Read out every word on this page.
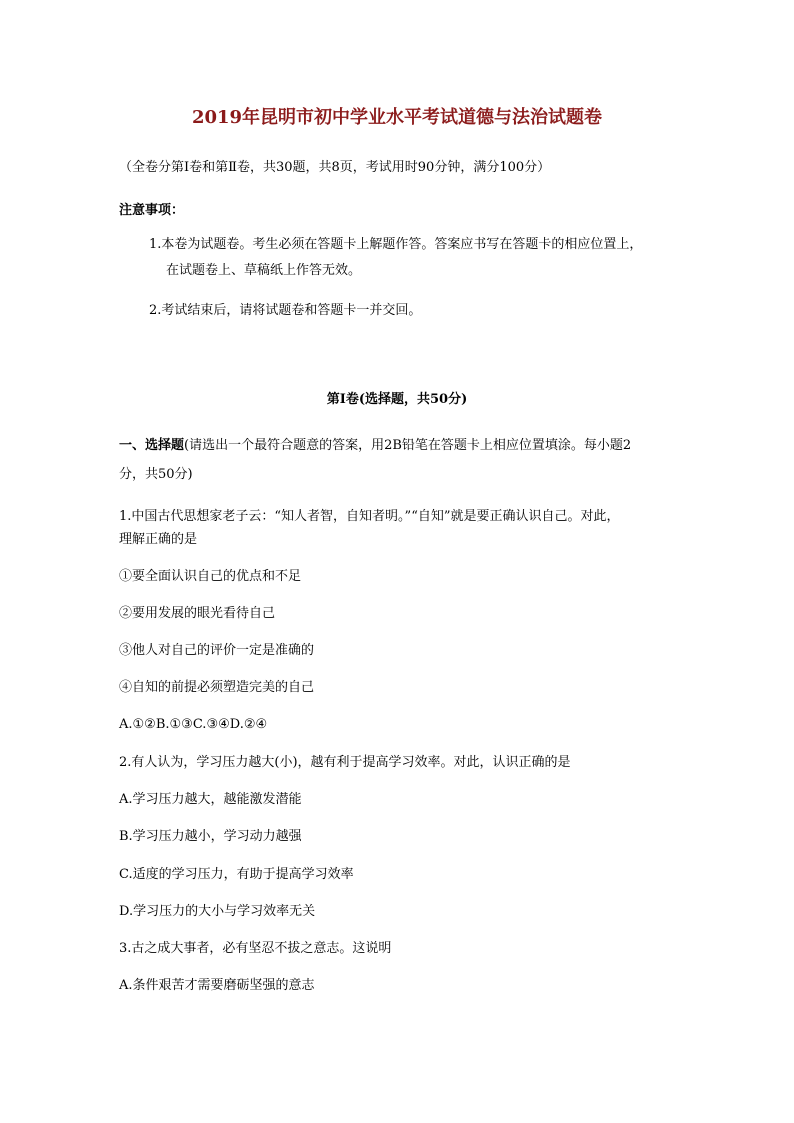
2019年昆明市初中学业水平考试道德与法治试题卷
（全卷分第Ⅰ卷和第Ⅱ卷，共30题，共8页，考试用时90分钟，满分100分）
注意事项：
1.本卷为试题卷。考生必须在答题卡上解题作答。答案应书写在答题卡的相应位置上，
在试题卷上、草稿纸上作答无效。
2.考试结束后，请将试题卷和答题卡一并交回。
第Ⅰ卷(选择题，共50分)
一、选择题(请选出一个最符合题意的答案，用2B铅笔在答题卡上相应位置填涂。每小题2
分，共50分)
1.中国古代思想家老子云：“知人者智，自知者明。”“自知”就是要正确认识自己。对此，
理解正确的是
①要全面认识自己的优点和不足
②要用发展的眼光看待自己
③他人对自己的评价一定是准确的
④自知的前提必须塑造完美的自己
A.①②B.①③C.③④D.②④
2.有人认为，学习压力越大(小)，越有利于提高学习效率。对此，认识正确的是
A.学习压力越大，越能激发潜能
B.学习压力越小，学习动力越强
C.适度的学习压力，有助于提高学习效率
D.学习压力的大小与学习效率无关
3.古之成大事者，必有坚忍不拔之意志。这说明
A.条件艰苦才需要磨砺坚强的意志
